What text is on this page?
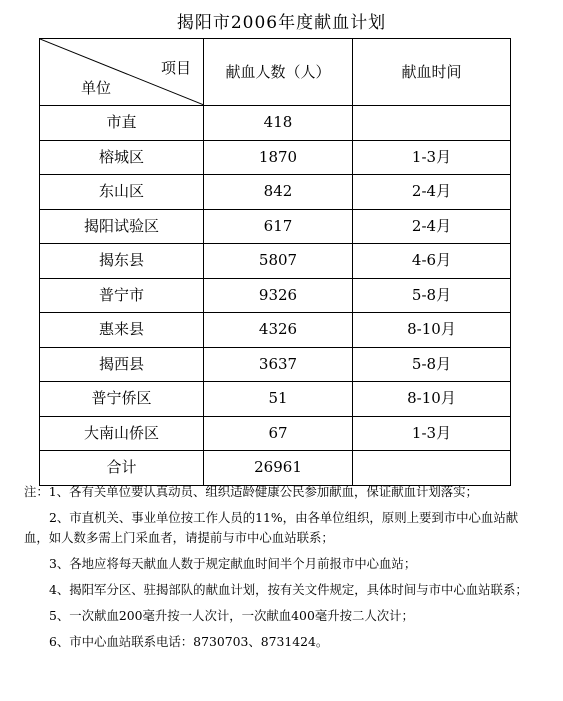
揭阳市2006年度献血计划
项目
单位	献血人数（人）	献血时间
市直	418	
榕城区	1870	1-3月
东山区	842	2-4月
揭阳试验区	617	2-4月
揭东县	5807	4-6月
普宁市	9326	5-8月
惠来县	4326	8-10月
揭西县	3637	5-8月
普宁侨区	51	8-10月
大南山侨区	67	1-3月
合计	26961	

注：1、各有关单位要认真动员、组织适龄健康公民参加献血，保证献血计划落实；

2、市直机关、事业单位按工作人员的11%，由各单位组织，原则上要到市中心血站献血，如人数多需上门采血者，请提前与市中心血站联系；

3、各地应将每天献血人数于规定献血时间半个月前报市中心血站；

4、揭阳军分区、驻揭部队的献血计划，按有关文件规定，具体时间与市中心血站联系；

5、一次献血200毫升按一人次计，一次献血400毫升按二人次计；

6、市中心血站联系电话：8730703、8731424。
